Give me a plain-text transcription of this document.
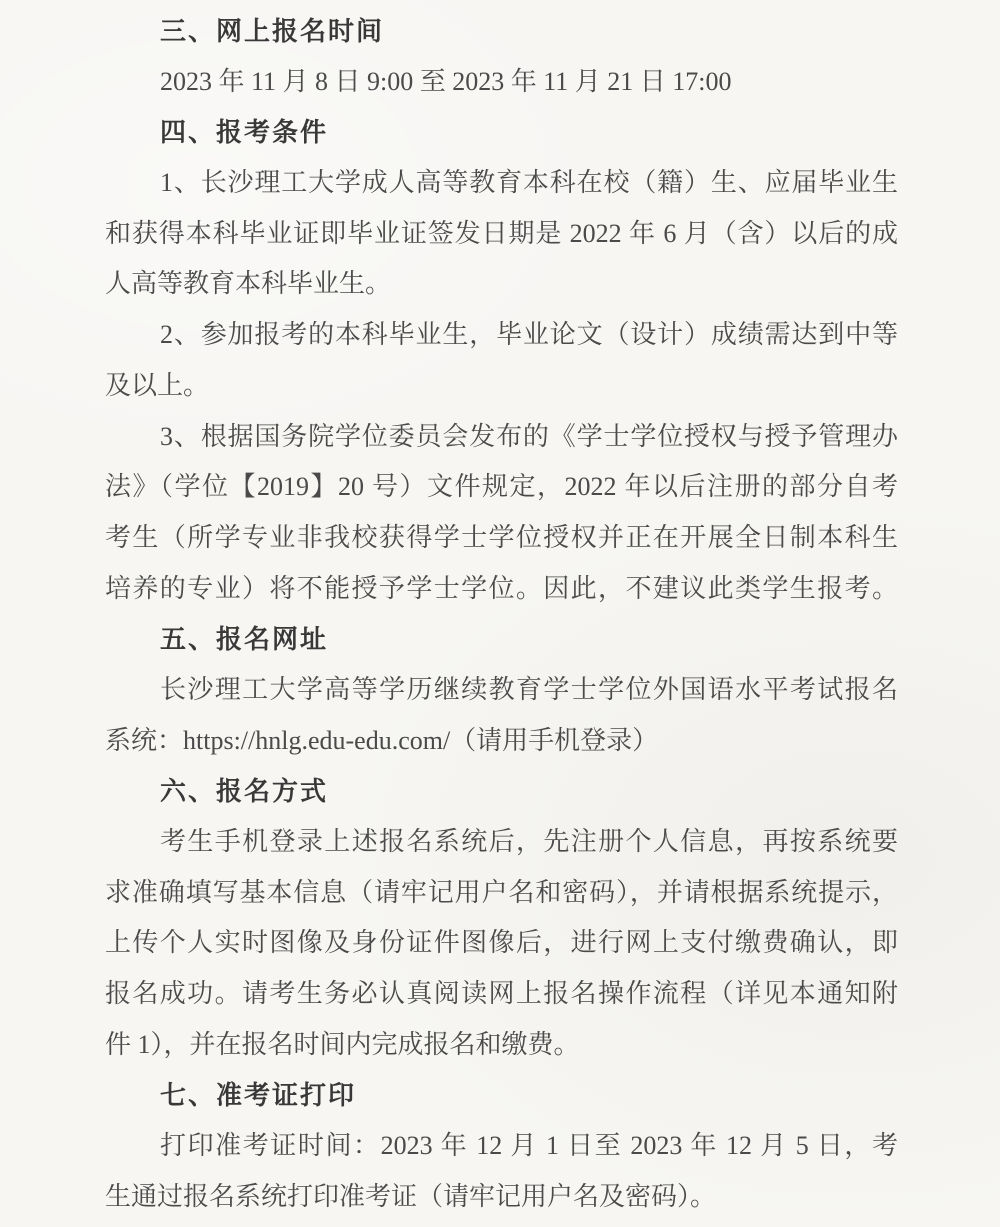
三、网上报名时间
2023 年 11 月 8 日 9:00 至 2023 年 11 月 21 日 17:00
四、报考条件
1、长沙理工大学成人高等教育本科在校（籍）生、应届毕业生
和获得本科毕业证即毕业证签发日期是 2022 年 6 月（含）以后的成
人高等教育本科毕业生。
2、参加报考的本科毕业生，毕业论文（设计）成绩需达到中等
及以上。
3、根据国务院学位委员会发布的《学士学位授权与授予管理办
法》（学位【2019】20 号）文件规定，2022 年以后注册的部分自考
考生（所学专业非我校获得学士学位授权并正在开展全日制本科生
培养的专业）将不能授予学士学位。因此，不建议此类学生报考。
五、报名网址
长沙理工大学高等学历继续教育学士学位外国语水平考试报名
系统：https://hnlg.edu-edu.com/（请用手机登录）
六、报名方式
考生手机登录上述报名系统后，先注册个人信息，再按系统要
求准确填写基本信息（请牢记用户名和密码），并请根据系统提示，
上传个人实时图像及身份证件图像后，进行网上支付缴费确认，即
报名成功。请考生务必认真阅读网上报名操作流程（详见本通知附
件 1），并在报名时间内完成报名和缴费。
七、准考证打印
打印准考证时间：2023 年 12 月 1 日至 2023 年 12 月 5 日，考
生通过报名系统打印准考证（请牢记用户名及密码）。
